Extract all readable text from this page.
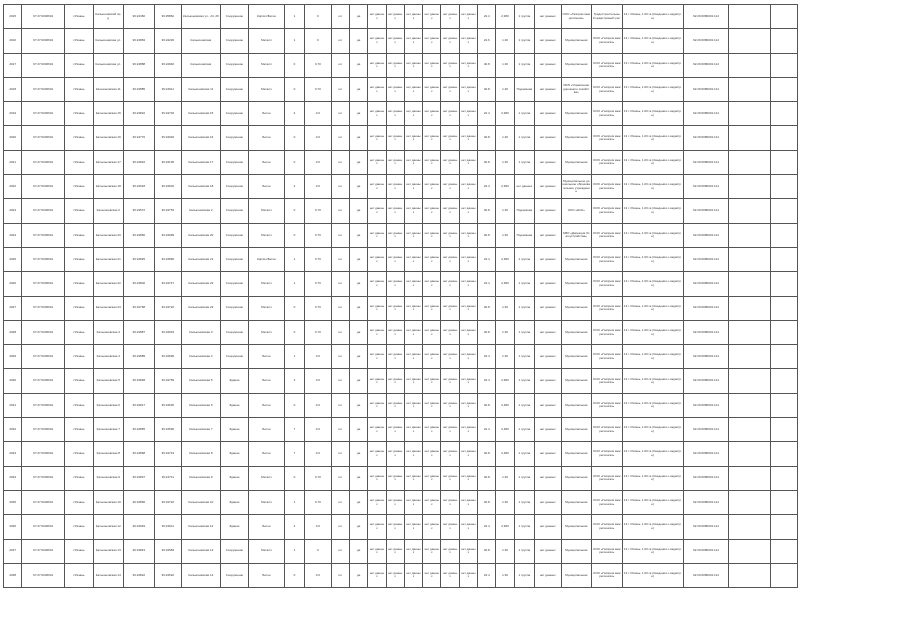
2015	67:27:0030601	г.Рязань	Кальконовский пр-д	36:24460	36:25862	Кальконовская ул., 24, 26	Сооружение	Кирпич/Бетон	1	0	шт	да	нет данных	нет данных	нет данных	нет данных	нет данных	нет данных	22.4	2,960	1 группа	нет данных	ООО «Газпром межрегионгаз»	Градостроительный кадастровый учет	13 г. Рязань, 1.00 га (Сведения о кадастре)	62:29:0080001:114		
2016	67:27:0030601	г.Рязань	Кальконовская ул.	36:24884	36:24230	Кальконовская	Сооружение	Металл	1	0	шт	да	нет данных	нет данных	нет данных	нет данных	нет данных	нет данных	24.6	1.30	1 группа	нет данных	Муниципальная	ООО «Газпром межрегионгаз»	13 г. Рязань, 1.00 га (Сведения о кадастре)	62:29:0080001:114		
2017	67:27:0030601	г.Рязань	Кальконовская ул.	36:24888	36:24940	Кальконовская	Сооружение	Металл	0	0.70	шт	да	нет данных	нет данных	нет данных	нет данных	нет данных	нет данных	40.8	1.30	1 группа	нет данных	Муниципальная	ООО «Газпром межрегионгаз»	13 г. Рязань, 1.00 га (Сведения о кадастре)	62:29:0080001:114		
2018	67:27:0030601	г.Рязань	Кальконовская 11	36:24885	36:24911	Кальконовская 11	Сооружение	Металл	0	0.70	шт	да	нет данных	нет данных	нет данных	нет данных	нет данных	нет данных	40.8	1.30	Подземная	нет данных	МКП «Управление дорожного хозяйства»	ООО «Газпром межрегионгаз»	13 г. Рязань, 1.00 га (Сведения о кадастре)	62:29:0080001:114		
2019	67:27:0030601	г.Рязань	Кальконовская 15	36:24822	36:24702	Кальконовская 15	Сооружение	Бетон	4	0.0	шт	да	нет данных	нет данных	нет данных	нет данных	нет данных	нет данных	22.4	2,960	1 группа	нет данных	Муниципальная	ООО «Газпром межрегионгаз»	13 г. Рязань, 1.00 га (Сведения о кадастре)	62:29:0080001:114		
2020	67:27:0030601	г.Рязань	Кальконовская 16	36:24770	36:24920	Кальконовская 16	Сооружение	Бетон	0	0.0	шт	да	нет данных	нет данных	нет данных	нет данных	нет данных	нет данных	40.8	1.30	1 группа	нет данных	Муниципальная	ООО «Газпром межрегионгаз»	13 г. Рязань, 1.00 га (Сведения о кадастре)	62:29:0080001:114		
2021	67:27:0030601	г.Рязань	Кальконовская 17	36:24816	36:24195	Кальконовская 17	Сооружение	Бетон	0	0.0	шт	да	нет данных	нет данных	нет данных	нет данных	нет данных	нет данных	40.8	1.30	1 группа	нет данных	Муниципальная	ООО «Газпром межрегионгаз»	13 г. Рязань, 1.00 га (Сведения о кадастре)	62:29:0080001:114		
2022	67:27:0030601	г.Рязань	Кальконовская 18	36:24918	36:24602	Кальконовская 18	Сооружение	Бетон	4	0.0	шт	да	нет данных	нет данных	нет данных	нет данных	нет данных	нет данных	22.4	2,960	нет данных	нет данных	Муниципальное дошкольное образовательное учреждение	ООО «Газпром межрегионгаз»	13 г. Рязань, 1.00 га (Сведения о кадастре)	62:29:0080001:114		
2023	67:27:0030601	г.Рязань	Кальконовская 2	36:24572	36:24753	Кальконовская 2	Сооружение	Металл	0	0.70	шт	да	нет данных	нет данных	нет данных	нет данных	нет данных	нет данных	40.8	1.30	Подземная	нет данных	ООО «ЕСК»	ООО «Газпром межрегионгаз»	13 г. Рязань, 1.00 га (Сведения о кадастре)	62:29:0080001:114		
2024	67:27:0030601	г.Рязань	Кальконовская 20	36:24860	36:24999	Кальконовская 20	Сооружение	Металл	0	0.70	шт	да	нет данных	нет данных	нет данных	нет данных	нет данных	нет данных	40.8	1.30	Подземная	нет данных	МБУ «Дирекция благоустройства»	ООО «Газпром межрегионгаз»	13 г. Рязань, 1.00 га (Сведения о кадастре)	62:29:0080001:114		
2025	67:27:0030601	г.Рязань	Кальконовская 21	36:24825	36:24890	Кальконовская 21	Сооружение	Кирпич/Бетон	1	0.70	шт	да	нет данных	нет данных	нет данных	нет данных	нет данных	нет данных	22.4	2,960	1 группа	нет данных	Муниципальная	ООО «Газпром межрегионгаз»	13 г. Рязань, 1.00 га (Сведения о кадастре)	62:29:0080001:114		
2026	67:27:0030601	г.Рязань	Кальконовская 22	36:24802	36:24747	Кальконовская 22	Сооружение	Металл	1	0.70	шт	да	нет данных	нет данных	нет данных	нет данных	нет данных	нет данных	22.4	2,960	1 группа	нет данных	Муниципальная	ООО «Газпром межрегионгаз»	13 г. Рязань, 1.00 га (Сведения о кадастре)	62:29:0080001:114		
2027	67:27:0030601	г.Рязань	Кальконовская 23	36:24768	36:24722	Кальконовская 23	Сооружение	Металл	0	0.70	шт	да	нет данных	нет данных	нет данных	нет данных	нет данных	нет данных	40.8	1.30	1 группа	нет данных	Муниципальная	ООО «Газпром межрегионгаз»	13 г. Рязань, 1.00 га (Сведения о кадастре)	62:29:0080001:114		
2028	67:27:0030601	г.Рязань	Кальконовская 3	36:24887	36:24933	Кальконовская 3	Сооружение	Металл	0	0.70	шт	да	нет данных	нет данных	нет данных	нет данных	нет данных	нет данных	40.8	1.30	1 группа	нет данных	Муниципальная	ООО «Газпром межрегионгаз»	13 г. Рязань, 1.00 га (Сведения о кадастре)	62:29:0080001:114		
2029	67:27:0030601	г.Рязань	Кальконовская 4	36:24889	36:24695	Кальконовская 4	Сооружение	Бетон	1	0.0	шт	да	нет данных	нет данных	нет данных	нет данных	нет данных	нет данных	22.4	1.30	1 группа	нет данных	Муниципальная	ООО «Газпром межрегионгаз»	13 г. Рязань, 1.00 га (Сведения о кадастре)	62:29:0080001:114		
2030	67:27:0030601	г.Рязань	Кальконовская 5	36:24848	36:24759	Кальконовская 5	Здание	Бетон	4	0.0	шт	да	нет данных	нет данных	нет данных	нет данных	нет данных	нет данных	22.4	2,960	1 группа	нет данных	Муниципальная	ООО «Газпром межрегионгаз»	13 г. Рязань, 1.00 га (Сведения о кадастре)	62:29:0080001:114		
2031	67:27:0030601	г.Рязань	Кальконовская 6	36:24817	36:24636	Кальконовская 6	Здание	Бетон	0	0.0	шт	да	нет данных	нет данных	нет данных	нет данных	нет данных	нет данных	40.8	2,960	1 группа	нет данных	Муниципальная	ООО «Газпром межрегионгаз»	13 г. Рязань, 1.00 га (Сведения о кадастре)	62:29:0080001:114		
2032	67:27:0030601	г.Рязань	Кальконовская 7	36:24865	36:24590	Кальконовская 7	Здание	Бетон	7	0.0	шт	да	нет данных	нет данных	нет данных	нет данных	нет данных	нет данных	22.4	2,960	1 группа	нет данных	Муниципальная	ООО «Газпром межрегионгаз»	13 г. Рязань, 1.00 га (Сведения о кадастре)	62:29:0080001:114		
2033	67:27:0030601	г.Рязань	Кальконовская 8	36:24868	36:24743	Кальконовская 8	Здание	Бетон	7	0.0	шт	да	нет данных	нет данных	нет данных	нет данных	нет данных	нет данных	40.8	2,960	1 группа	нет данных	Муниципальная	ООО «Газпром межрегионгаз»	13 г. Рязань, 1.00 га (Сведения о кадастре)	62:29:0080001:114		
2034	67:27:0030601	г.Рязань	Кальконовская 9	36:24837	36:24711	Кальконовская 9	Здание	Металл	0	0.70	шт	да	нет данных	нет данных	нет данных	нет данных	нет данных	нет данных	40.8	1.30	1 группа	нет данных	Муниципальная	ООО «Газпром межрегионгаз»	13 г. Рязань, 1.00 га (Сведения о кадастре)	62:29:0080001:114		
2035	67:27:0030601	г.Рязань	Кальконовская 10	36:24866	36:24722	Кальконовская 10	Здание	Металл	1	0.70	шт	да	нет данных	нет данных	нет данных	нет данных	нет данных	нет данных	40.8	1.30	1 группа	нет данных	Муниципальная	ООО «Газпром межрегионгаз»	13 г. Рязань, 1.00 га (Сведения о кадастре)	62:29:0080001:114		
2036	67:27:0030601	г.Рязань	Кальконовская 12	36:24949	36:24611	Кальконовская 12	Здание	Бетон	4	0.0	шт	да	нет данных	нет данных	нет данных	нет данных	нет данных	нет данных	22.4	2,960	1 группа	нет данных	Муниципальная	ООО «Газпром межрегионгаз»	13 г. Рязань, 1.00 га (Сведения о кадастре)	62:29:0080001:114		
2037	67:27:0030601	г.Рязань	Кальконовская 13	36:24843	36:24583	Кальконовская 13	Сооружение	Металл	1	0	шт	да	нет данных	нет данных	нет данных	нет данных	нет данных	нет данных	40.8	1.30	1 группа	нет данных	Муниципальная	ООО «Газпром межрегионгаз»	13 г. Рязань, 1.00 га (Сведения о кадастре)	62:29:0080001:114		
2038	67:27:0030601	г.Рязань	Кальконовская 14	36:24822	36:24522	Кальконовская 14	Сооружение	Бетон	0	0.0	шт	да	нет данных	нет данных	нет данных	нет данных	нет данных	нет данных	22.4	1.30	1 группа	нет данных	Муниципальная	ООО «Газпром межрегионгаз»	13 г. Рязань, 1.00 га (Сведения о кадастре)	62:29:0080001:114		
